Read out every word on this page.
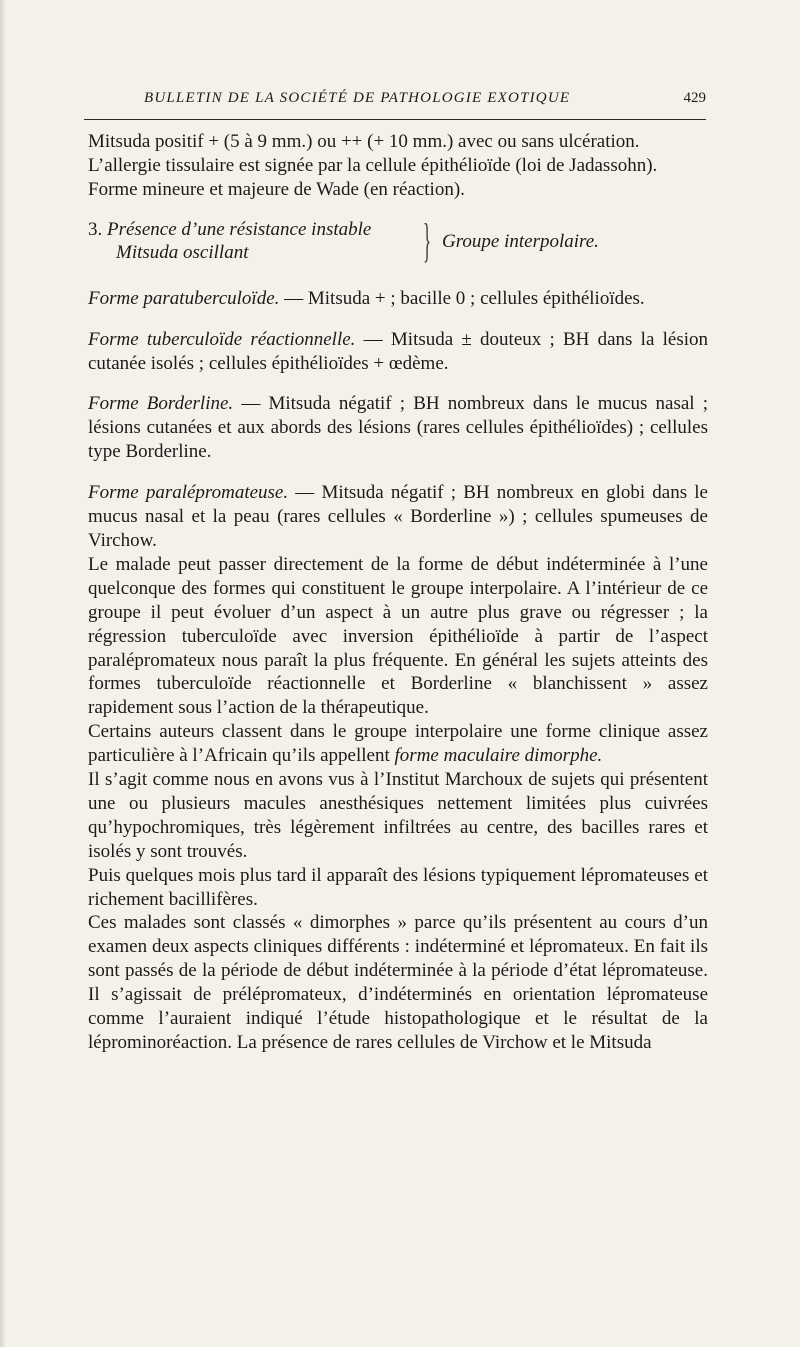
BULLETIN DE LA SOCIÉTÉ DE PATHOLOGIE EXOTIQUE	429

Mitsuda positif + (5 à 9 mm.) ou ++ (+ 10 mm.) avec ou sans ulcération.

L’allergie tissulaire est signée par la cellule épithélioïde (loi de Jadassohn).

Forme mineure et majeure de Wade (en réaction).

3. Présence d’une résistance instable
Mitsuda oscillant	} Groupe interpolaire.

Forme paratuberculoïde. — Mitsuda + ; bacille 0 ; cellules épithélioïdes.

Forme tuberculoïde réactionnelle. — Mitsuda ± douteux ; BH dans la lésion cutanée isolés ; cellules épithélioïdes + œdème.

Forme Borderline. — Mitsuda négatif ; BH nombreux dans le mucus nasal ; lésions cutanées et aux abords des lésions (rares cellules épithélioïdes) ; cellules type Borderline.

Forme paralépromateuse. — Mitsuda négatif ; BH nombreux en globi dans le mucus nasal et la peau (rares cellules « Borderline ») ; cellules spumeuses de Virchow.

Le malade peut passer directement de la forme de début indéterminée à l’une quelconque des formes qui constituent le groupe interpolaire. A l’intérieur de ce groupe il peut évoluer d’un aspect à un autre plus grave ou régresser ; la régression tuberculoïde avec inversion épithélioïde à partir de l’aspect paralépromateux nous paraît la plus fréquente. En général les sujets atteints des formes tuberculoïde réactionnelle et Borderline « blanchissent » assez rapidement sous l’action de la thérapeutique.

Certains auteurs classent dans le groupe interpolaire une forme clinique assez particulière à l’Africain qu’ils appellent forme maculaire dimorphe.

Il s’agit comme nous en avons vus à l’Institut Marchoux de sujets qui présentent une ou plusieurs macules anesthésiques nettement limitées plus cuivrées qu’hypochromiques, très légèrement infiltrées au centre, des bacilles rares et isolés y sont trouvés.

Puis quelques mois plus tard il apparaît des lésions typiquement lépromateuses et richement bacillifères.

Ces malades sont classés « dimorphes » parce qu’ils présentent au cours d’un examen deux aspects cliniques différents : indéterminé et lépromateux. En fait ils sont passés de la période de début indéterminée à la période d’état lépromateuse. Il s’agissait de prélépromateux, d’indéterminés en orientation lépromateuse comme l’auraient indiqué l’étude histopathologique et le résultat de la léprominoréaction. La présence de rares cellules de Virchow et le Mitsuda
